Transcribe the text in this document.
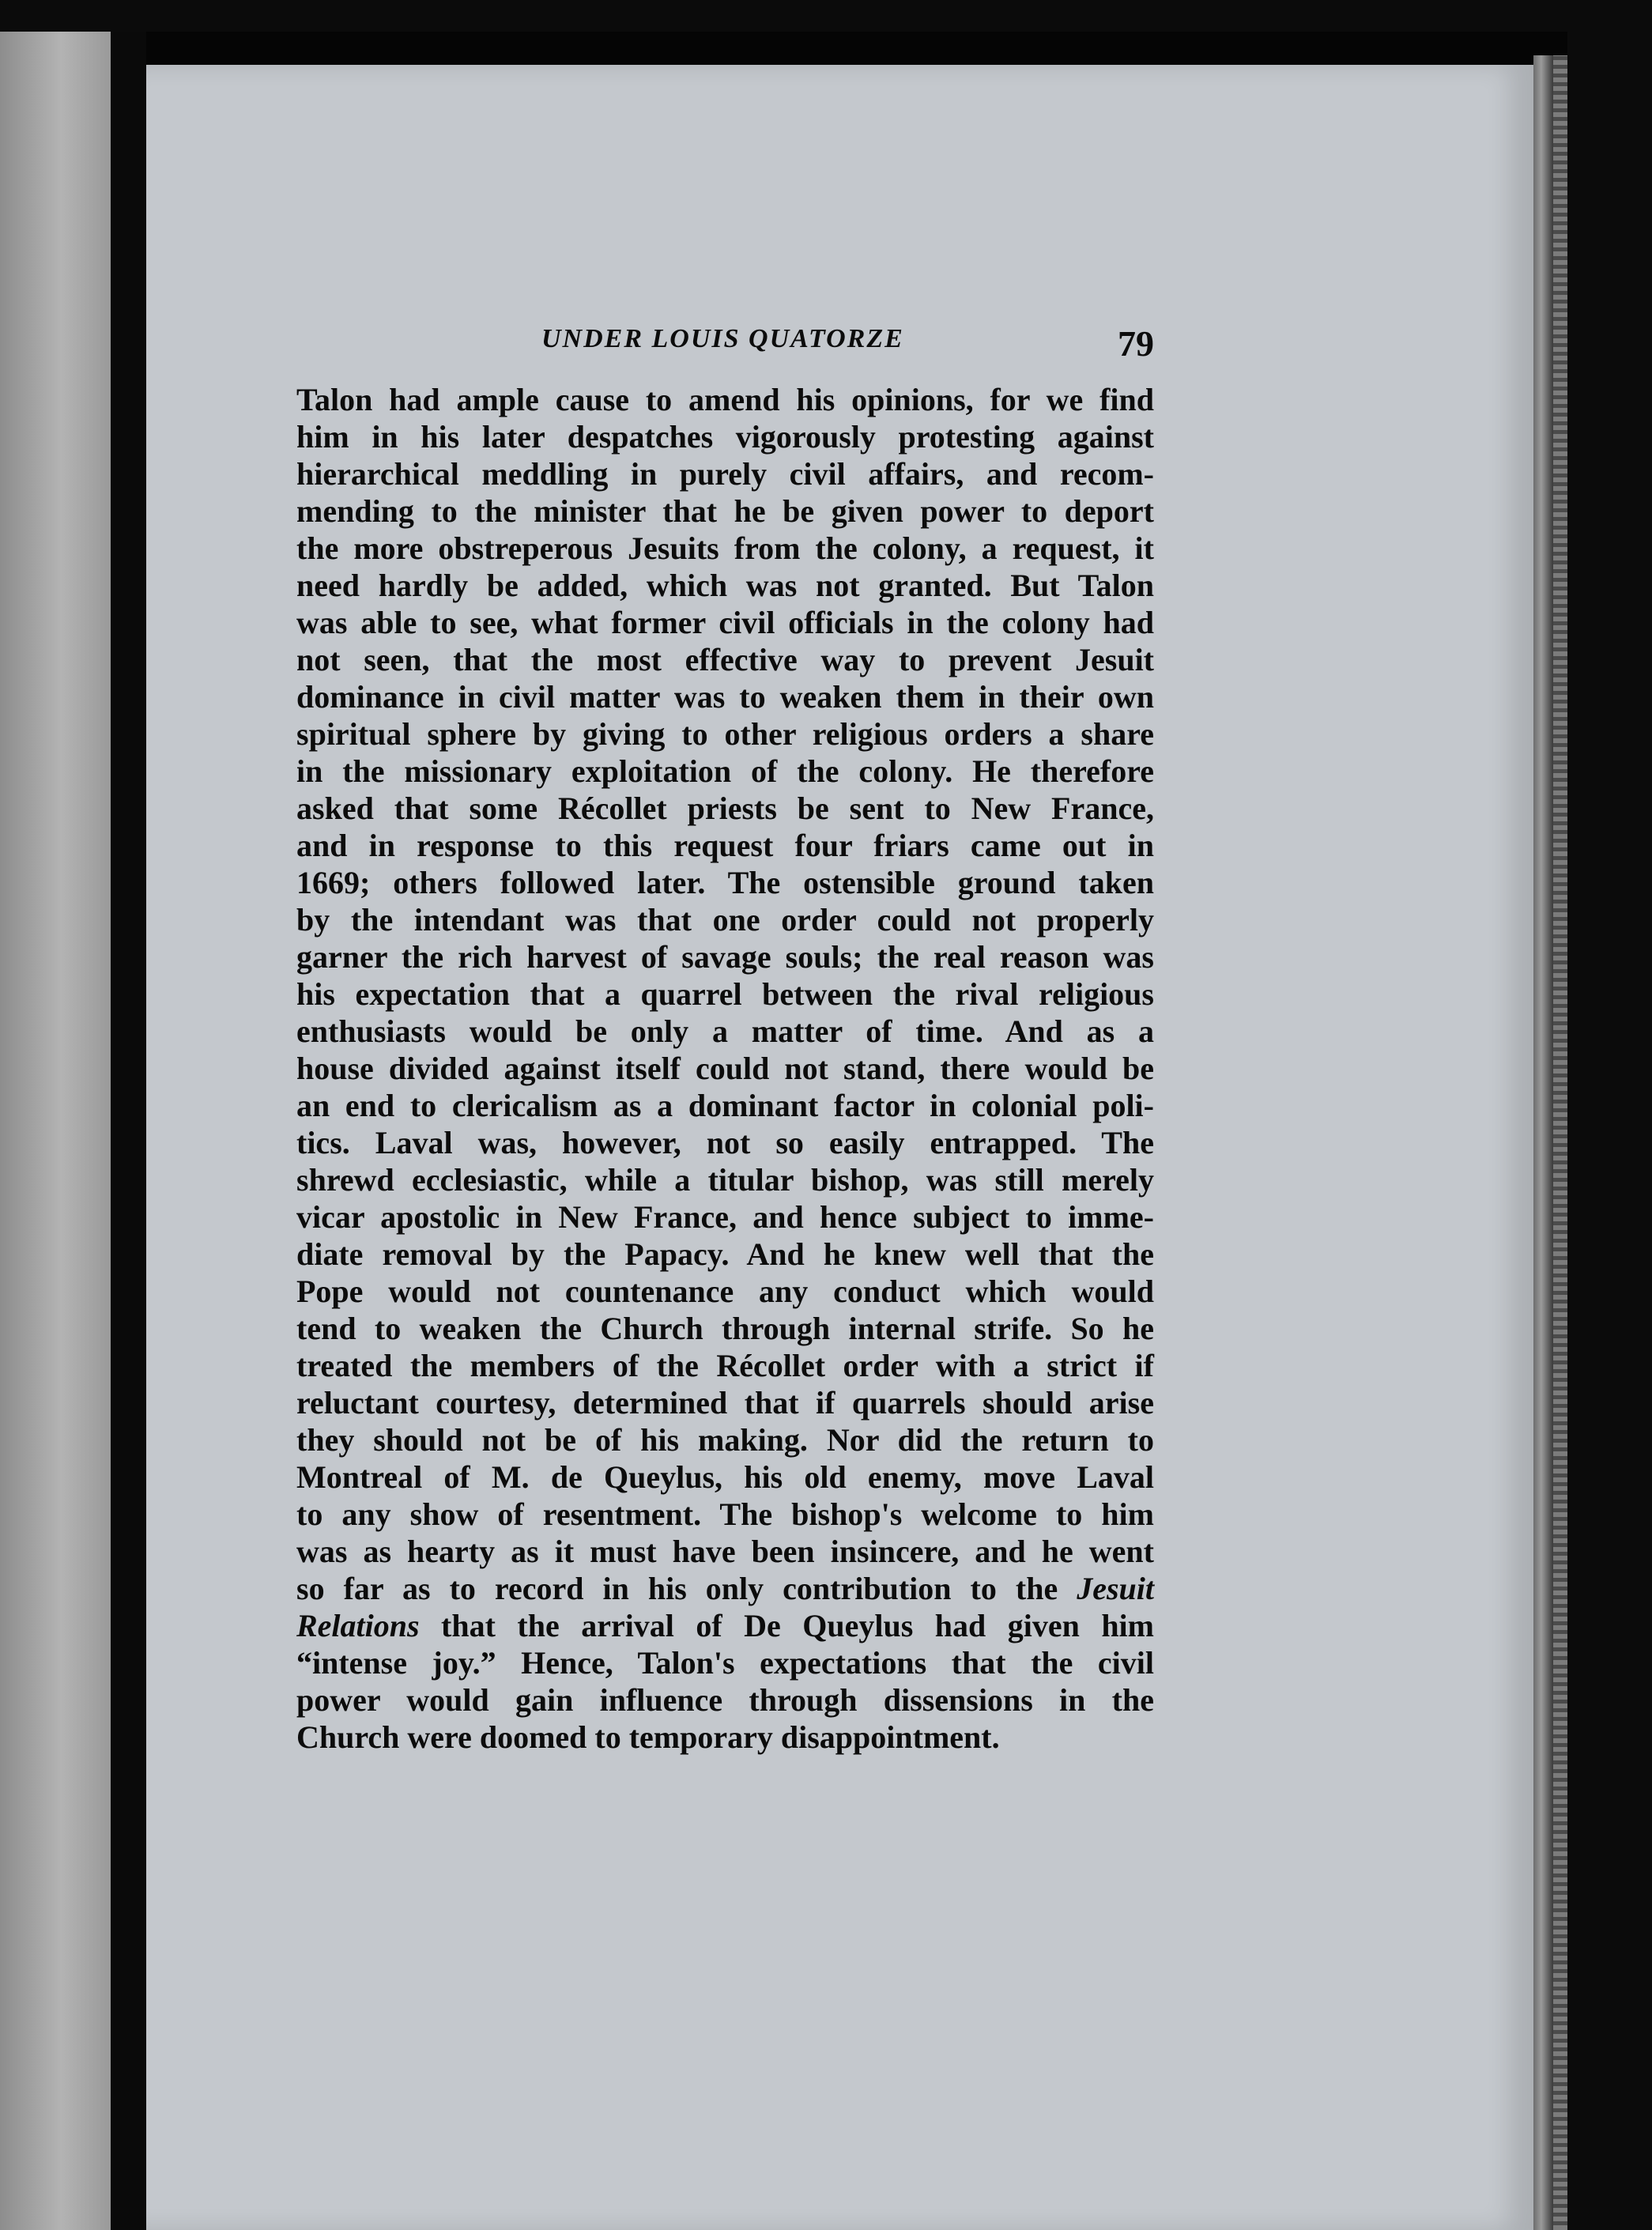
UNDER LOUIS QUATORZE	79
Talon had ample cause to amend his opinions, for we find
him in his later despatches vigorously protesting against
hierarchical meddling in purely civil affairs, and recom-
mending to the minister that he be given power to deport
the more obstreperous Jesuits from the colony, a request, it
need hardly be added, which was not granted. But Talon
was able to see, what former civil officials in the colony had
not seen, that the most effective way to prevent Jesuit
dominance in civil matter was to weaken them in their own
spiritual sphere by giving to other religious orders a share
in the missionary exploitation of the colony. He therefore
asked that some Récollet priests be sent to New France,
and in response to this request four friars came out in
1669; others followed later. The ostensible ground taken
by the intendant was that one order could not properly
garner the rich harvest of savage souls; the real reason was
his expectation that a quarrel between the rival religious
enthusiasts would be only a matter of time. And as a
house divided against itself could not stand, there would be
an end to clericalism as a dominant factor in colonial poli-
tics. Laval was, however, not so easily entrapped. The
shrewd ecclesiastic, while a titular bishop, was still merely
vicar apostolic in New France, and hence subject to imme-
diate removal by the Papacy. And he knew well that the
Pope would not countenance any conduct which would
tend to weaken the Church through internal strife. So he
treated the members of the Récollet order with a strict if
reluctant courtesy, determined that if quarrels should arise
they should not be of his making. Nor did the return to
Montreal of M. de Queylus, his old enemy, move Laval
to any show of resentment. The bishop's welcome to him
was as hearty as it must have been insincere, and he went
so far as to record in his only contribution to the Jesuit
Relations that the arrival of De Queylus had given him
“intense joy.” Hence, Talon's expectations that the civil
power would gain influence through dissensions in the
Church were doomed to temporary disappointment.
